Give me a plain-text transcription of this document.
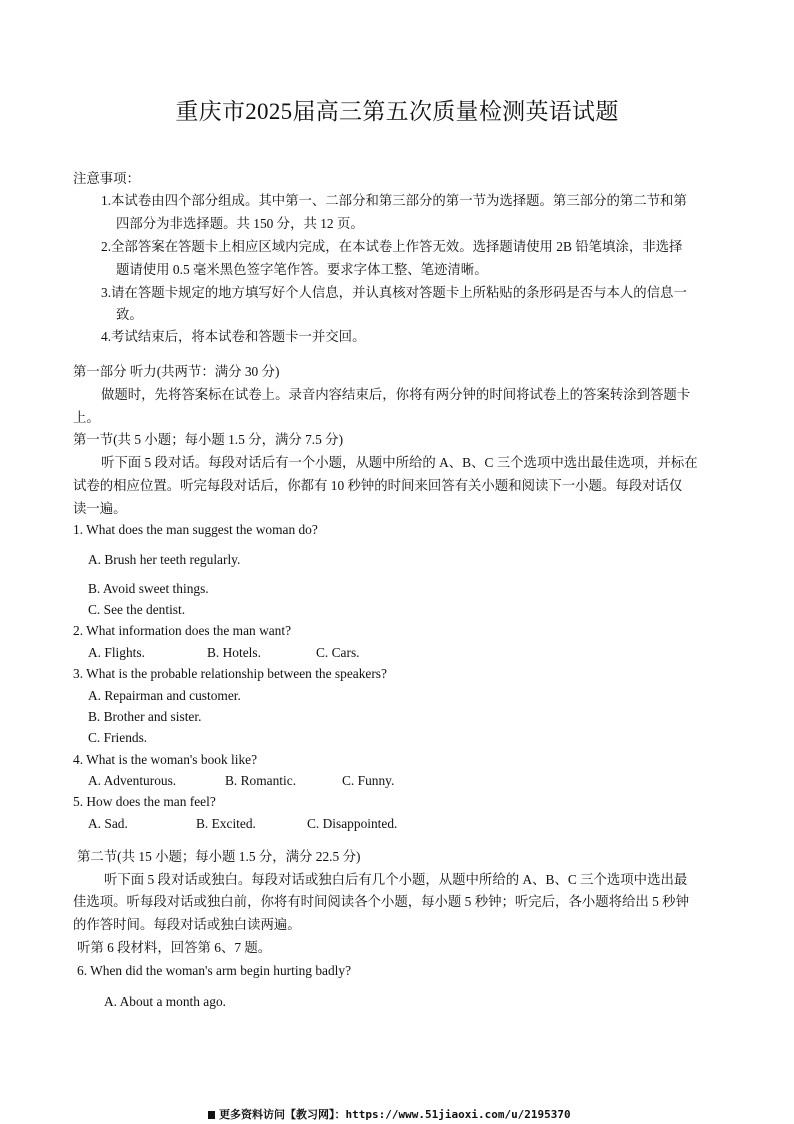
重庆市2025届高三第五次质量检测英语试题
注意事项：
1.本试卷由四个部分组成。其中第一、二部分和第三部分的第一节为选择题。第三部分的第二节和第
四部分为非选择题。共 150 分，共 12 页。
2.全部答案在答题卡上相应区域内完成，在本试卷上作答无效。选择题请使用 2B 铅笔填涂，非选择
题请使用 0.5 毫米黑色签字笔作答。要求字体工整、笔迹清晰。
3.请在答题卡规定的地方填写好个人信息，并认真核对答题卡上所粘贴的条形码是否与本人的信息一
致。
4.考试结束后，将本试卷和答题卡一并交回。
第一部分 听力(共两节：满分 30 分)
做题时，先将答案标在试卷上。录音内容结束后，你将有两分钟的时间将试卷上的答案转涂到答题卡
上。
第一节(共 5 小题；每小题 1.5 分，满分 7.5 分)
听下面 5 段对话。每段对话后有一个小题，从题中所给的 A、B、C 三个选项中选出最佳选项，并标在
试卷的相应位置。听完每段对话后，你都有 10 秒钟的时间来回答有关小题和阅读下一小题。每段对话仅
读一遍。
1. What does the man suggest the woman do?
A. Brush her teeth regularly.
B. Avoid sweet things.
C. See the dentist.
2. What information does the man want?
A. Flights.	B. Hotels.	C. Cars.
3. What is the probable relationship between the speakers?
A. Repairman and customer.
B. Brother and sister.
C. Friends.
4. What is the woman's book like?
A. Adventurous.	B. Romantic.	C. Funny.
5. How does the man feel?
A. Sad.	B. Excited.	C. Disappointed.
第二节(共 15 小题；每小题 1.5 分，满分 22.5 分)
听下面 5 段对话或独白。每段对话或独白后有几个小题，从题中所给的 A、B、C 三个选项中选出最
佳选项。听每段对话或独白前，你将有时间阅读各个小题，每小题 5 秒钟；听完后，各小题将给出 5 秒钟
的作答时间。每段对话或独白读两遍。
听第 6 段材料，回答第 6、7 题。
6. When did the woman's arm begin hurting badly?
A. About a month ago.
更多资料访问【教习网】：https://www.51jiaoxi.com/u/2195370
